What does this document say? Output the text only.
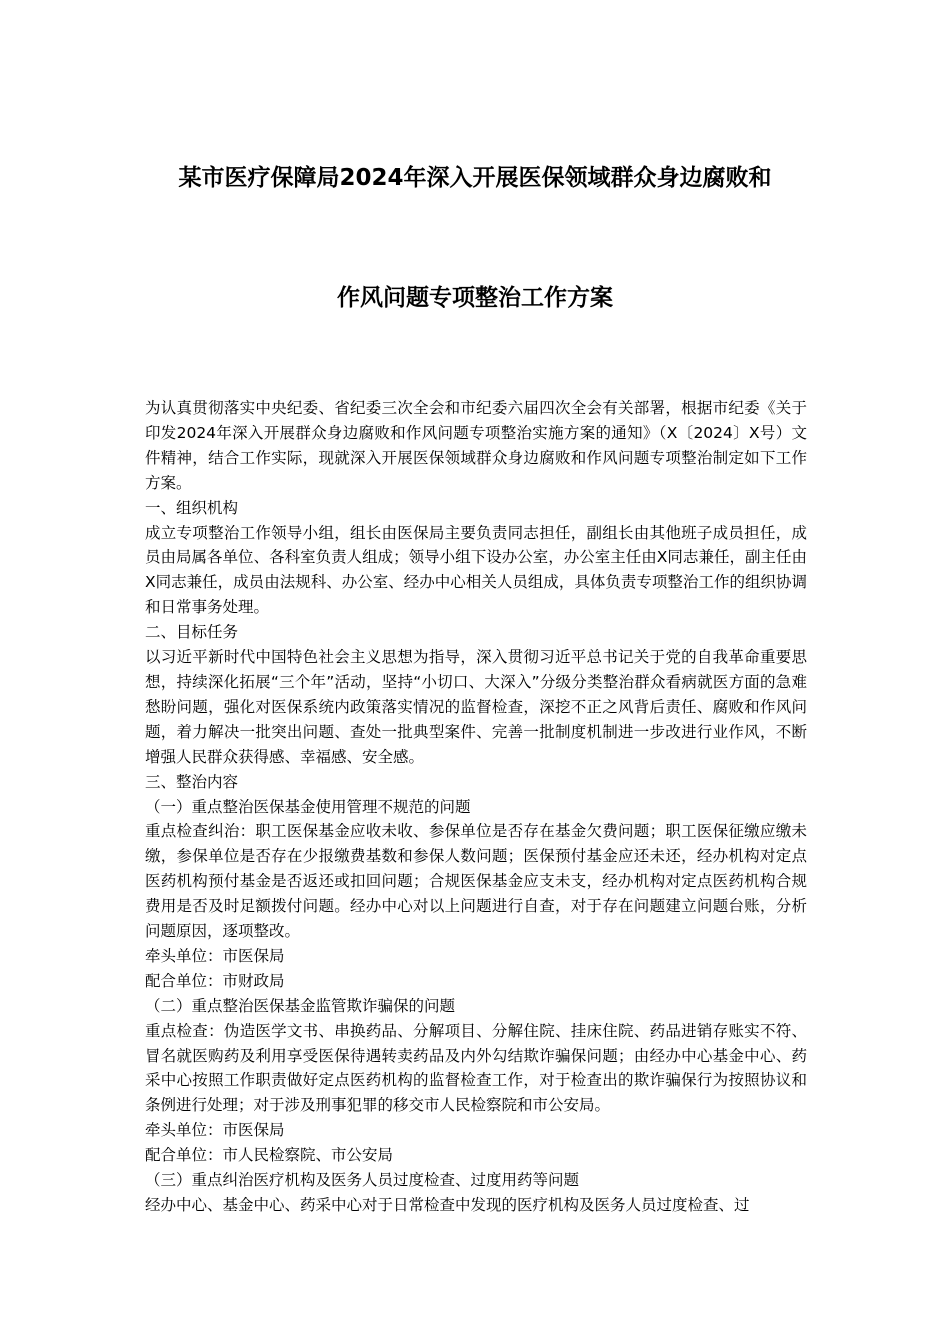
某市医疗保障局2024年深入开展医保领域群众身边腐败和
作风问题专项整治工作方案

为认真贯彻落实中央纪委、省纪委三次全会和市纪委六届四次全会有关部署，根据市纪委《关于印发2024年深入开展群众身边腐败和作风问题专项整治实施方案的通知》（X〔2024〕X号）文件精神，结合工作实际，现就深入开展医保领域群众身边腐败和作风问题专项整治制定如下工作方案。

一、组织机构

成立专项整治工作领导小组，组长由医保局主要负责同志担任，副组长由其他班子成员担任，成员由局属各单位、各科室负责人组成；领导小组下设办公室，办公室主任由X同志兼任，副主任由X同志兼任，成员由法规科、办公室、经办中心相关人员组成，具体负责专项整治工作的组织协调和日常事务处理。

二、目标任务

以习近平新时代中国特色社会主义思想为指导，深入贯彻习近平总书记关于党的自我革命重要思想，持续深化拓展“三个年”活动，坚持“小切口、大深入”分级分类整治群众看病就医方面的急难愁盼问题，强化对医保系统内政策落实情况的监督检查，深挖不正之风背后责任、腐败和作风问题，着力解决一批突出问题、查处一批典型案件、完善一批制度机制进一步改进行业作风，不断增强人民群众获得感、幸福感、安全感。

三、整治内容

（一）重点整治医保基金使用管理不规范的问题

重点检查纠治：职工医保基金应收未收、参保单位是否存在基金欠费问题；职工医保征缴应缴未缴，参保单位是否存在少报缴费基数和参保人数问题；医保预付基金应还未还，经办机构对定点医药机构预付基金是否返还或扣回问题；合规医保基金应支未支，经办机构对定点医药机构合规费用是否及时足额拨付问题。经办中心对以上问题进行自查，对于存在问题建立问题台账，分析问题原因，逐项整改。

牵头单位：市医保局

配合单位：市财政局

（二）重点整治医保基金监管欺诈骗保的问题

重点检查：伪造医学文书、串换药品、分解项目、分解住院、挂床住院、药品进销存账实不符、冒名就医购药及利用享受医保待遇转卖药品及内外勾结欺诈骗保问题；由经办中心基金中心、药采中心按照工作职责做好定点医药机构的监督检查工作，对于检查出的欺诈骗保行为按照协议和条例进行处理；对于涉及刑事犯罪的移交市人民检察院和市公安局。

牵头单位：市医保局

配合单位：市人民检察院、市公安局

（三）重点纠治医疗机构及医务人员过度检查、过度用药等问题

经办中心、基金中心、药采中心对于日常检查中发现的医疗机构及医务人员过度检查、过
